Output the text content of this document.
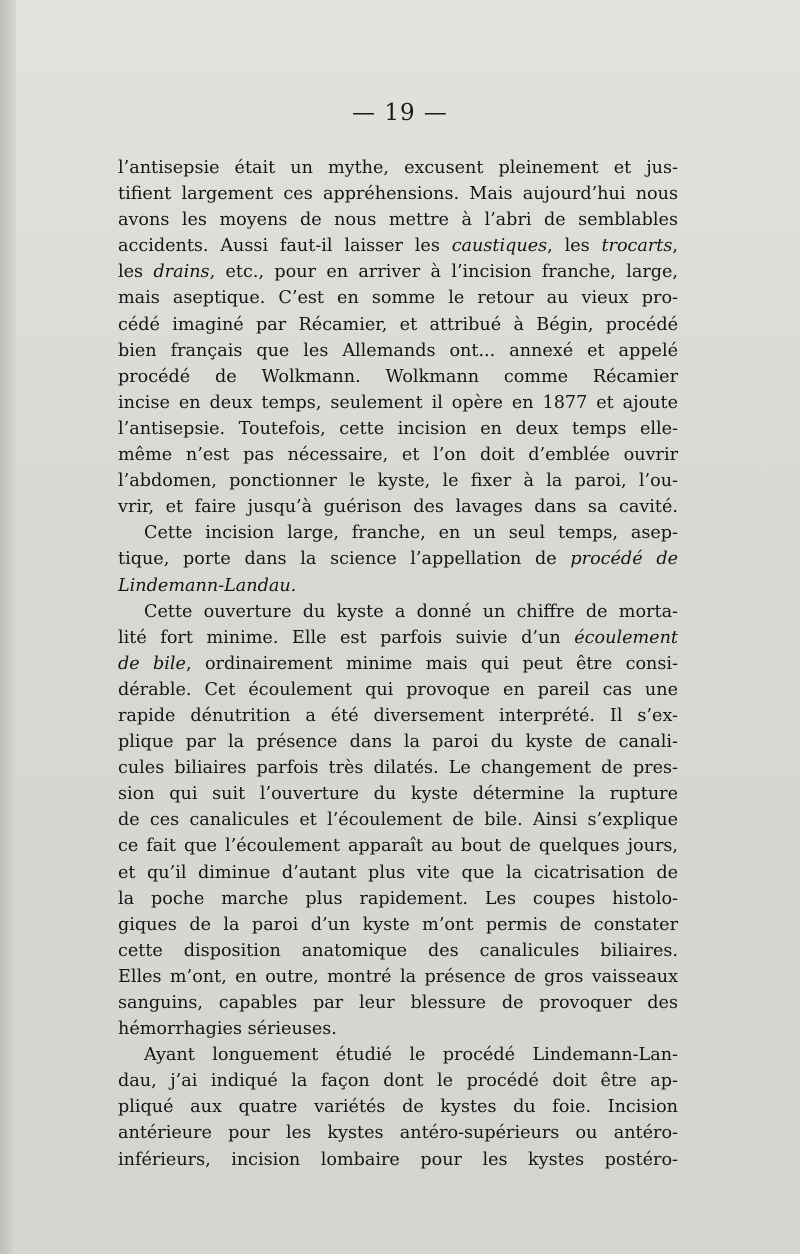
— 19 —
l’antisepsie était un mythe, excusent pleinement et jus-
tifient largement ces appréhensions. Mais aujourd’hui nous
avons les moyens de nous mettre à l’abri de semblables
accidents. Aussi faut-il laisser les caustiques, les trocarts,
les drains, etc., pour en arriver à l’incision franche, large,
mais aseptique. C’est en somme le retour au vieux pro-
cédé imaginé par Récamier, et attribué à Bégin, procédé
bien français que les Allemands ont... annexé et appelé
procédé de Wolkmann. Wolkmann comme Récamier
incise en deux temps, seulement il opère en 1877 et ajoute
l’antisepsie. Toutefois, cette incision en deux temps elle-
même n’est pas nécessaire, et l’on doit d’emblée ouvrir
l’abdomen, ponctionner le kyste, le fixer à la paroi, l’ou-
vrir, et faire jusqu’à guérison des lavages dans sa cavité.
Cette incision large, franche, en un seul temps, asep-
tique, porte dans la science l’appellation de procédé de
Lindemann-Landau.
Cette ouverture du kyste a donné un chiffre de morta-
lité fort minime. Elle est parfois suivie d’un écoulement
de bile, ordinairement minime mais qui peut être consi-
dérable. Cet écoulement qui provoque en pareil cas une
rapide dénutrition a été diversement interprété. Il s’ex-
plique par la présence dans la paroi du kyste de canali-
cules biliaires parfois très dilatés. Le changement de pres-
sion qui suit l’ouverture du kyste détermine la rupture
de ces canalicules et l’écoulement de bile. Ainsi s’explique
ce fait que l’écoulement apparaît au bout de quelques jours,
et qu’il diminue d’autant plus vite que la cicatrisation de
la poche marche plus rapidement. Les coupes histolo-
giques de la paroi d’un kyste m’ont permis de constater
cette disposition anatomique des canalicules biliaires.
Elles m’ont, en outre, montré la présence de gros vaisseaux
sanguins, capables par leur blessure de provoquer des
hémorrhagies sérieuses.
Ayant longuement étudié le procédé Lindemann-Lan-
dau, j’ai indiqué la façon dont le procédé doit être ap-
pliqué aux quatre variétés de kystes du foie. Incision
antérieure pour les kystes antéro-supérieurs ou antéro-
inférieurs, incision lombaire pour les kystes postéro-
